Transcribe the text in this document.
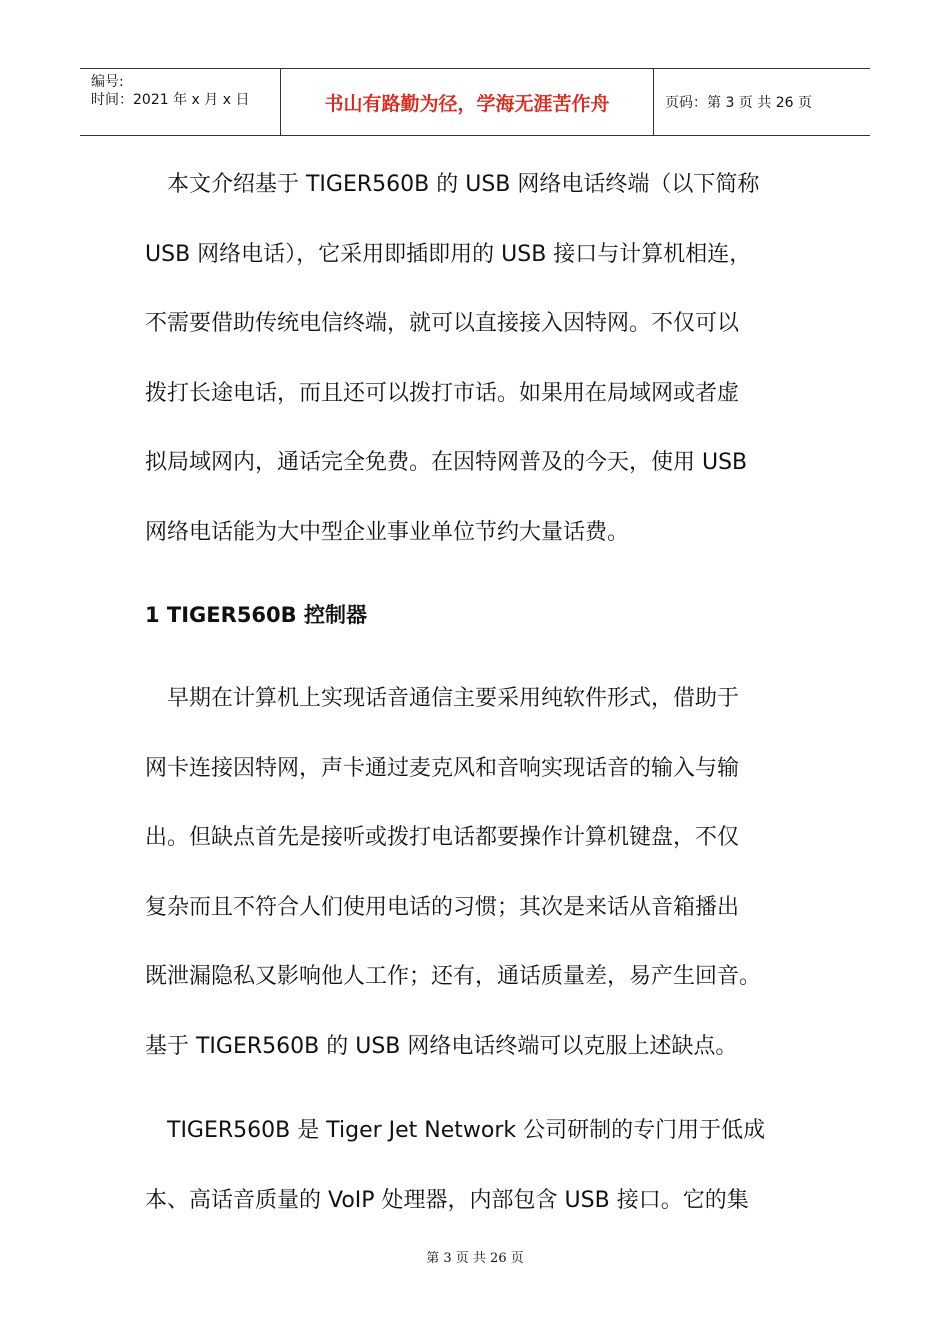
编号:
时间：2021 年 x 月 x 日	书山有路勤为径，学海无涯苦作舟	页码：第 3 页 共 26 页

　本文介绍基于 TIGER560B 的 USB 网络电话终端（以下简称

USB 网络电话），它采用即插即用的 USB 接口与计算机相连，

不需要借助传统电信终端，就可以直接接入因特网。不仅可以

拨打长途电话，而且还可以拨打市话。如果用在局域网或者虚

拟局域网内，通话完全免费。在因特网普及的今天，使用 USB

网络电话能为大中型企业事业单位节约大量话费。

1 TIGER560B 控制器

　早期在计算机上实现话音通信主要采用纯软件形式，借助于

网卡连接因特网，声卡通过麦克风和音响实现话音的输入与输

出。但缺点首先是接听或拨打电话都要操作计算机键盘，不仅

复杂而且不符合人们使用电话的习惯；其次是来话从音箱播出

既泄漏隐私又影响他人工作；还有，通话质量差，易产生回音。

基于 TIGER560B 的 USB 网络电话终端可以克服上述缺点。

　TIGER560B 是 Tiger Jet Network 公司研制的专门用于低成

本、高话音质量的 VoIP 处理器，内部包含 USB 接口。它的集

第 3 页 共 26 页
